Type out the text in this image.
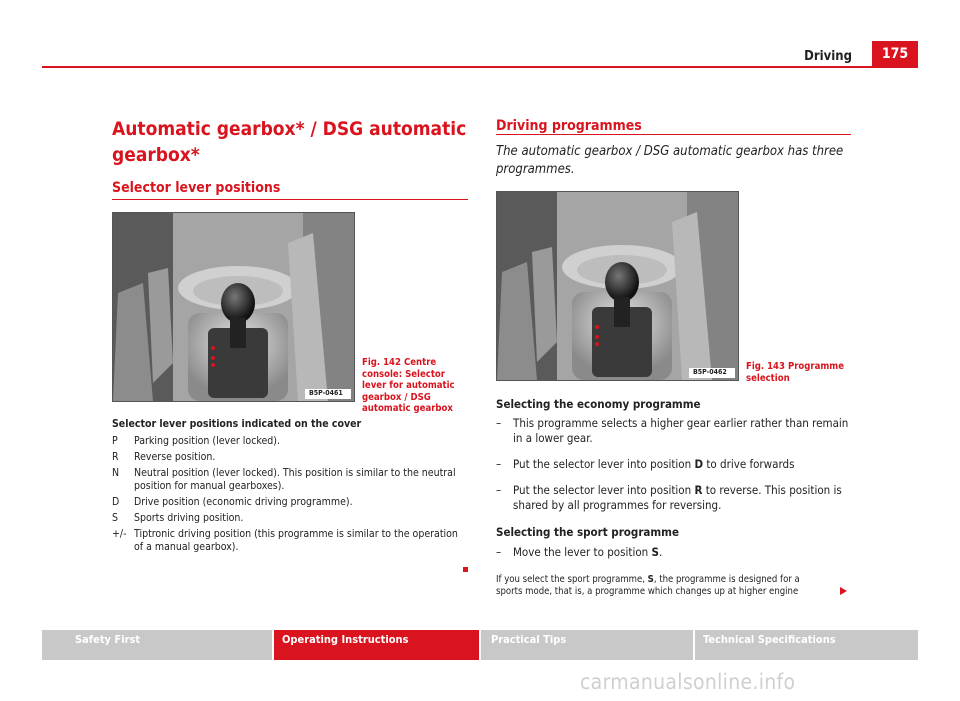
Driving	175
Automatic gearbox* / DSG automatic gearbox*
Selector lever positions
B5P-0461
Fig. 142 Centre console: Selector lever for automatic gearbox / DSG automatic gearbox
Selector lever positions indicated on the cover
P	Parking position (lever locked).
R	Reverse position.
N	Neutral position (lever locked). This position is similar to the neutral position for manual gearboxes).
D	Drive position (economic driving programme).
S	Sports driving position.
+/- Tiptronic driving position (this programme is similar to the operation of a manual gearbox).
Driving programmes
The automatic gearbox / DSG automatic gearbox has three programmes.
B5P-0462 Fig. 143 Programme selection
Selecting the economy programme
–	This programme selects a higher gear earlier rather than remain in a lower gear.
–	Put the selector lever into position D to drive forwards
–	Put the selector lever into position R to reverse. This position is shared by all programmes for reversing.
Selecting the sport programme
–	Move the lever to position S.
If you select the sport programme, S, the programme is designed for a sports mode, that is, a programme which changes up at higher engine
Safety First	Operating Instructions	Practical Tips	Technical Specifications
carmanualsonline.info
